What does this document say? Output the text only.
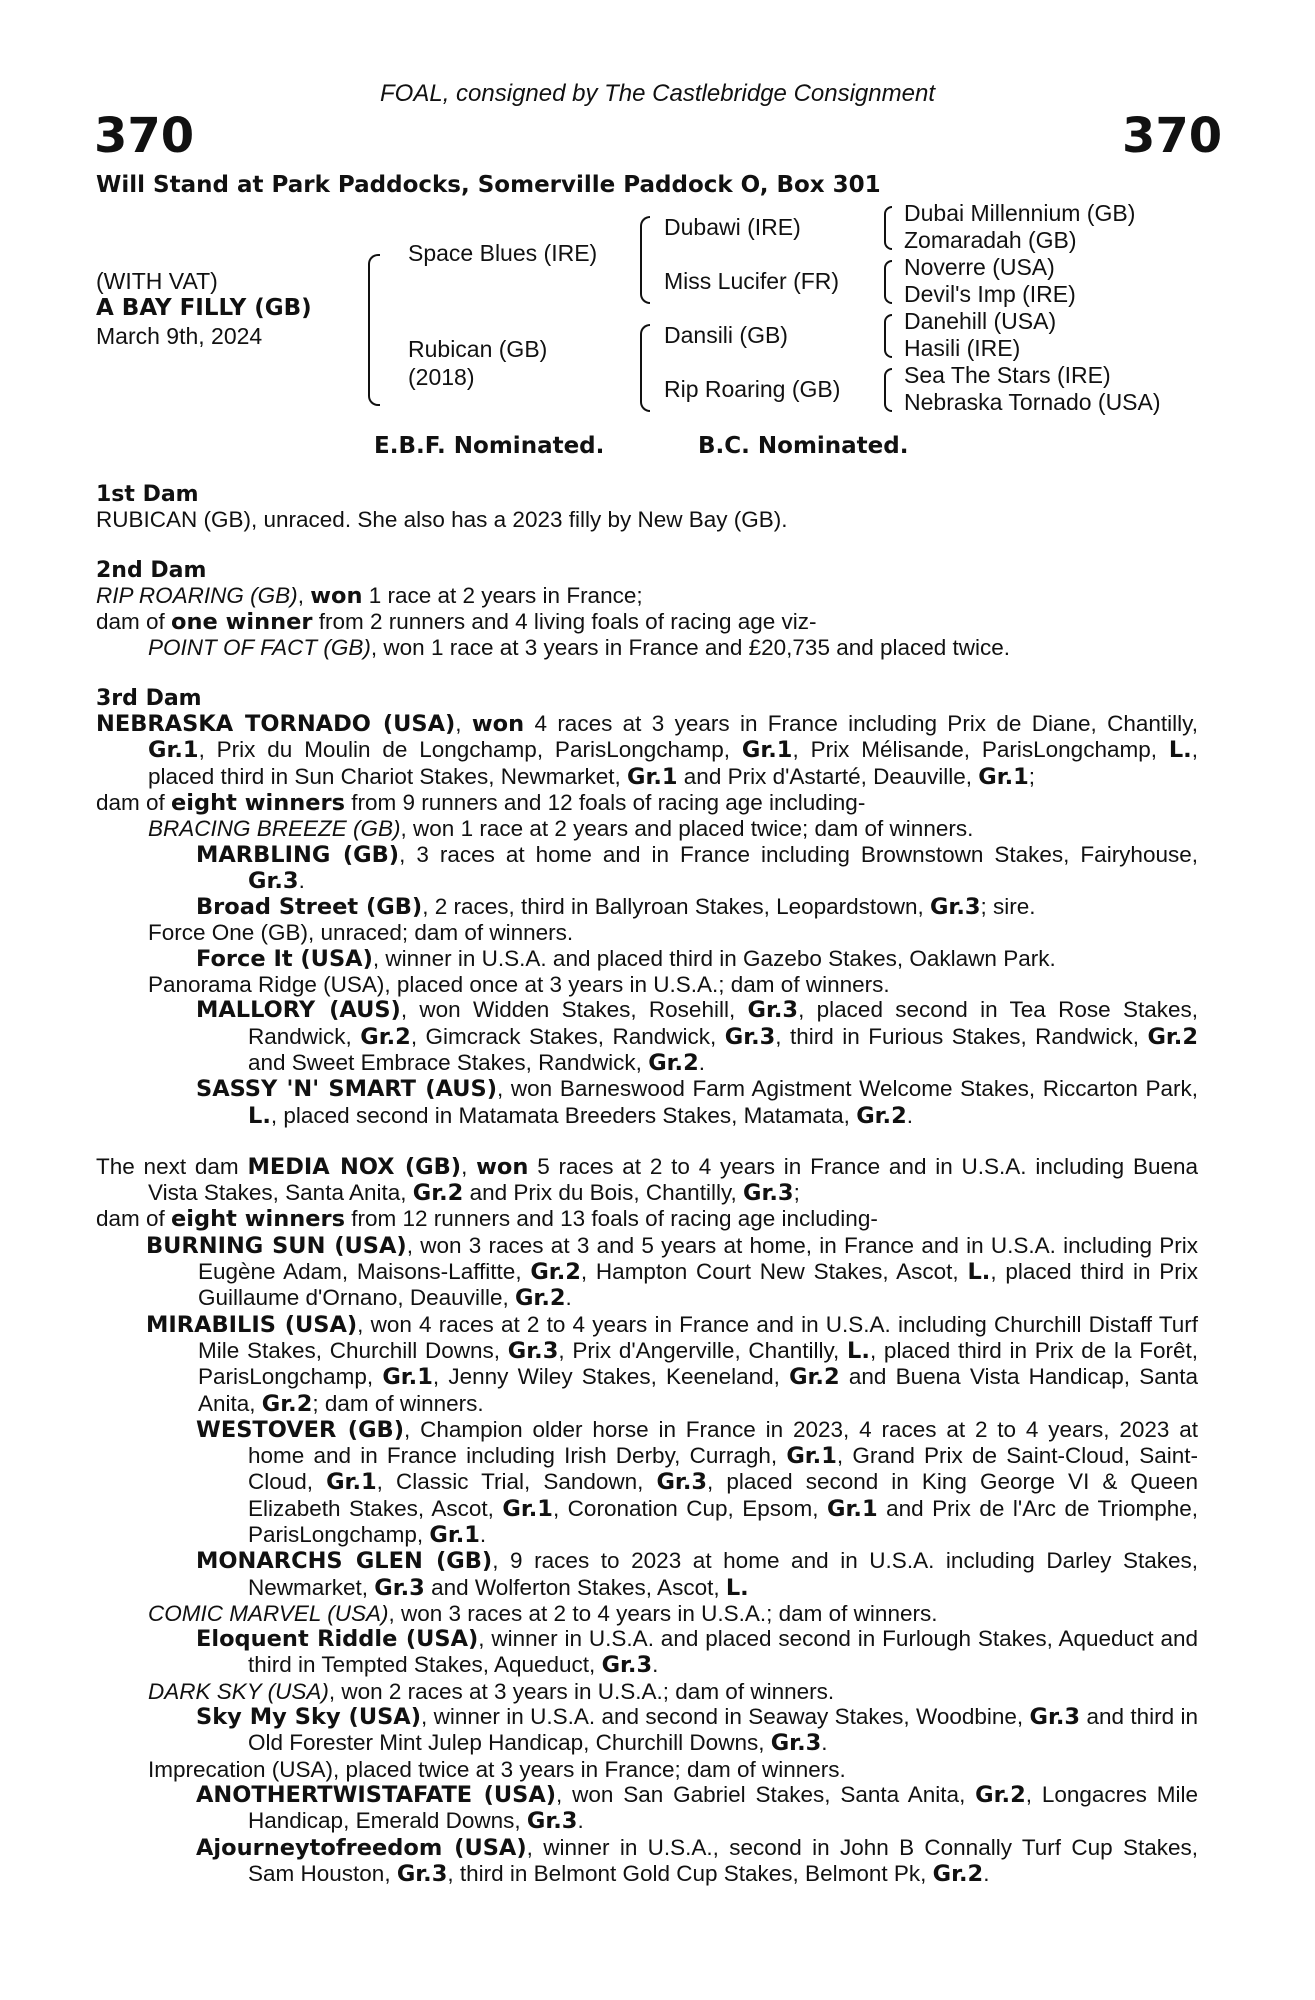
FOAL, consigned by The Castlebridge Consignment
370	370
Will Stand at Park Paddocks, Somerville Paddock O, Box 301
(WITH VAT)
A BAY FILLY (GB)
March 9th, 2024
Space Blues (IRE)
Rubican (GB)
(2018)
Dubawi (IRE)
Miss Lucifer (FR)
Dansili (GB)
Rip Roaring (GB)
Dubai Millennium (GB)
Zomaradah (GB)
Noverre (USA)
Devil's Imp (IRE)
Danehill (USA)
Hasili (IRE)
Sea The Stars (IRE)
Nebraska Tornado (USA)
E.B.F. Nominated.	B.C. Nominated.

1st Dam

RUBICAN (GB), unraced. She also has a 2023 filly by New Bay (GB).

2nd Dam

RIP ROARING (GB), won 1 race at 2 years in France;

dam of one winner from 2 runners and 4 living foals of racing age viz-

POINT OF FACT (GB), won 1 race at 3 years in France and £20,735 and placed twice.

3rd Dam

NEBRASKA TORNADO (USA), won 4 races at 3 years in France including Prix de Diane, Chantilly, Gr.1, Prix du Moulin de Longchamp, ParisLongchamp, Gr.1, Prix Mélisande, ParisLongchamp, L., placed third in Sun Chariot Stakes, Newmarket, Gr.1 and Prix d'Astarté, Deauville, Gr.1;

dam of eight winners from 9 runners and 12 foals of racing age including-

BRACING BREEZE (GB), won 1 race at 2 years and placed twice; dam of winners.

MARBLING (GB), 3 races at home and in France including Brownstown Stakes, Fairyhouse, Gr.3.

Broad Street (GB), 2 races, third in Ballyroan Stakes, Leopardstown, Gr.3; sire.

Force One (GB), unraced; dam of winners.

Force It (USA), winner in U.S.A. and placed third in Gazebo Stakes, Oaklawn Park.

Panorama Ridge (USA), placed once at 3 years in U.S.A.; dam of winners.

MALLORY (AUS), won Widden Stakes, Rosehill, Gr.3, placed second in Tea Rose Stakes, Randwick, Gr.2, Gimcrack Stakes, Randwick, Gr.3, third in Furious Stakes, Randwick, Gr.2 and Sweet Embrace Stakes, Randwick, Gr.2.

SASSY 'N' SMART (AUS), won Barneswood Farm Agistment Welcome Stakes, Riccarton Park, L., placed second in Matamata Breeders Stakes, Matamata, Gr.2.

The next dam MEDIA NOX (GB), won 5 races at 2 to 4 years in France and in U.S.A. including Buena Vista Stakes, Santa Anita, Gr.2 and Prix du Bois, Chantilly, Gr.3;

dam of eight winners from 12 runners and 13 foals of racing age including-

BURNING SUN (USA), won 3 races at 3 and 5 years at home, in France and in U.S.A. including Prix Eugène Adam, Maisons-Laffitte, Gr.2, Hampton Court New Stakes, Ascot, L., placed third in Prix Guillaume d'Ornano, Deauville, Gr.2.

MIRABILIS (USA), won 4 races at 2 to 4 years in France and in U.S.A. including Churchill Distaff Turf Mile Stakes, Churchill Downs, Gr.3, Prix d'Angerville, Chantilly, L., placed third in Prix de la Forêt, ParisLongchamp, Gr.1, Jenny Wiley Stakes, Keeneland, Gr.2 and Buena Vista Handicap, Santa Anita, Gr.2; dam of winners.

WESTOVER (GB), Champion older horse in France in 2023, 4 races at 2 to 4 years, 2023 at home and in France including Irish Derby, Curragh, Gr.1, Grand Prix de Saint-Cloud, Saint-Cloud, Gr.1, Classic Trial, Sandown, Gr.3, placed second in King George VI & Queen Elizabeth Stakes, Ascot, Gr.1, Coronation Cup, Epsom, Gr.1 and Prix de l'Arc de Triomphe, ParisLongchamp, Gr.1.

MONARCHS GLEN (GB), 9 races to 2023 at home and in U.S.A. including Darley Stakes, Newmarket, Gr.3 and Wolferton Stakes, Ascot, L.

COMIC MARVEL (USA), won 3 races at 2 to 4 years in U.S.A.; dam of winners.

Eloquent Riddle (USA), winner in U.S.A. and placed second in Furlough Stakes, Aqueduct and third in Tempted Stakes, Aqueduct, Gr.3.

DARK SKY (USA), won 2 races at 3 years in U.S.A.; dam of winners.

Sky My Sky (USA), winner in U.S.A. and second in Seaway Stakes, Woodbine, Gr.3 and third in Old Forester Mint Julep Handicap, Churchill Downs, Gr.3.

Imprecation (USA), placed twice at 3 years in France; dam of winners.

ANOTHERTWISTAFATE (USA), won San Gabriel Stakes, Santa Anita, Gr.2, Longacres Mile Handicap, Emerald Downs, Gr.3.

Ajourneytofreedom (USA), winner in U.S.A., second in John B Connally Turf Cup Stakes, Sam Houston, Gr.3, third in Belmont Gold Cup Stakes, Belmont Pk, Gr.2.
